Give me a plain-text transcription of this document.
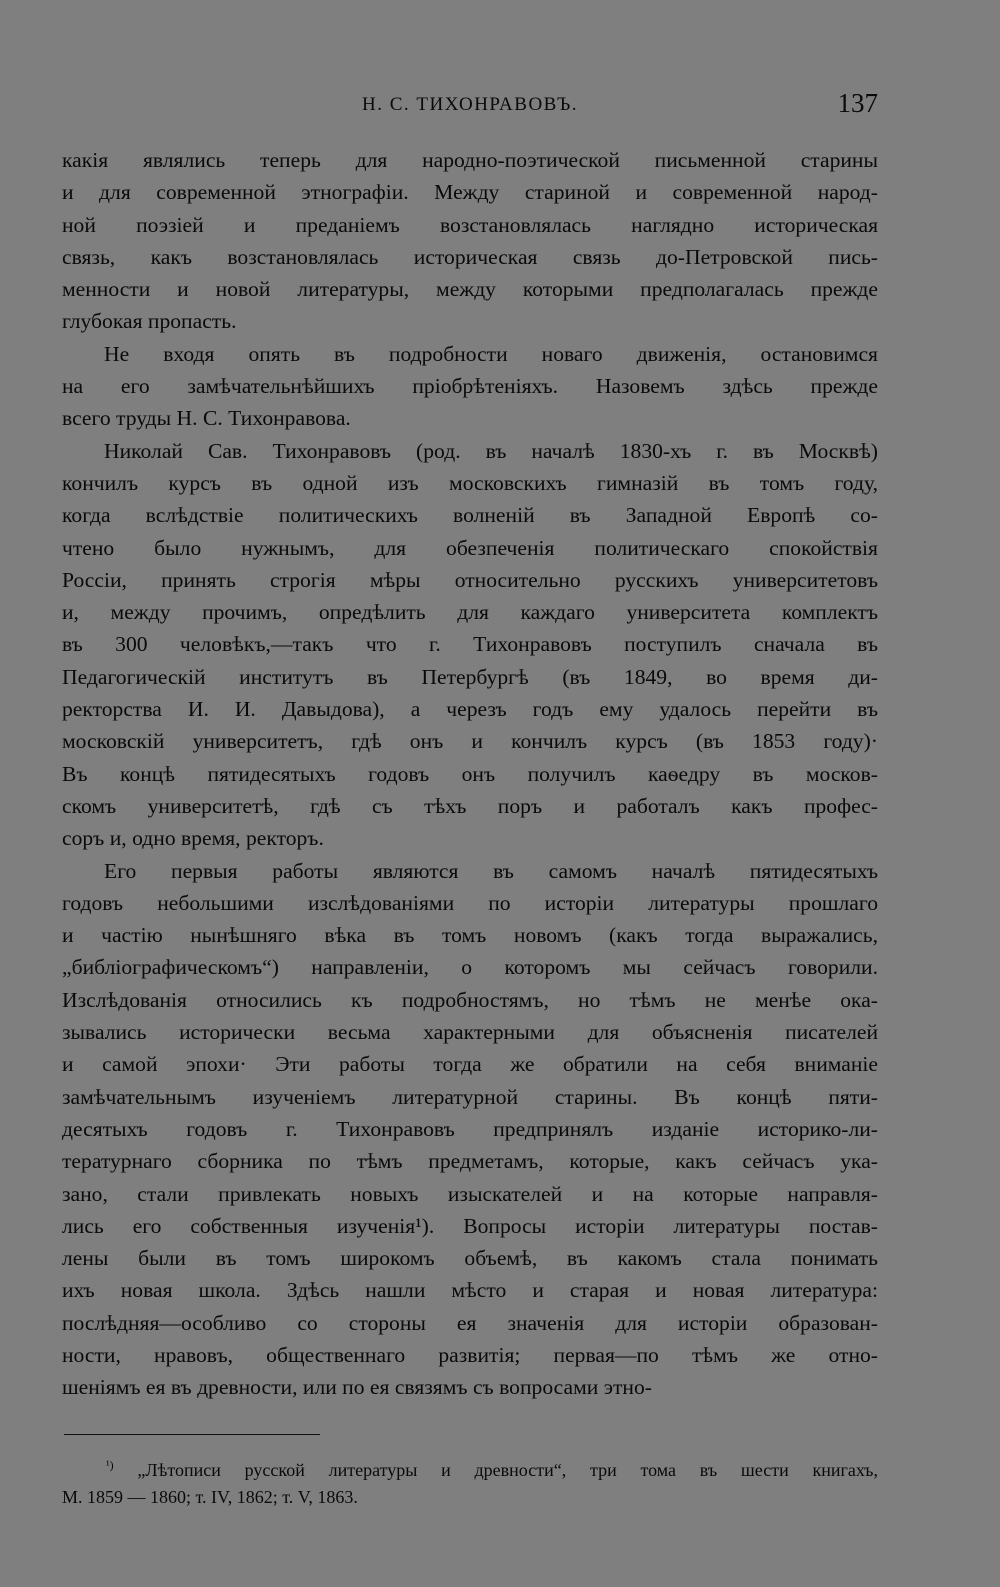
Н. С. ТИХОНРАВОВЪ.	137
какія являлись теперь для народно-поэтической письменной старины
и для современной этнографіи. Между стариной и современной народ-
ной поэзіей и преданіемъ возстановлялась наглядно историческая
связь, какъ возстановлялась историческая связь до-Петровской пись-
менности и новой литературы, между которыми предполагалась прежде
глубокая пропасть.
Не входя опять въ подробности новаго движенія, остановимся
на его замѣчательнѣйшихъ пріобрѣтеніяхъ. Назовемъ здѣсь прежде
всего труды Н. С. Тихонравова.
Николай Сав. Тихонравовъ (род. въ началѣ 1830-хъ г. въ Москвѣ)
кончилъ курсъ въ одной изъ московскихъ гимназій въ томъ году,
когда вслѣдствіе политическихъ волненій въ Западной Европѣ со-
чтено было нужнымъ, для обезпеченія политическаго спокойствія
Россіи, принять строгія мѣры относительно русскихъ университетовъ
и, между прочимъ, опредѣлить для каждаго университета комплектъ
въ 300 человѣкъ,—такъ что г. Тихонравовъ поступилъ сначала въ
Педагогическій институтъ въ Петербургѣ (въ 1849, во время ди-
ректорства И. И. Давыдова), а черезъ годъ ему удалось перейти въ
московскій университетъ, гдѣ онъ и кончилъ курсъ (въ 1853 году)·
Въ концѣ пятидесятыхъ годовъ онъ получилъ каѳедру въ москов-
скомъ университетѣ, гдѣ съ тѣхъ поръ и работалъ какъ профес-
соръ и, одно время, ректоръ.
Его первыя работы являются въ самомъ началѣ пятидесятыхъ
годовъ небольшими изслѣдованіями по исторіи литературы прошлаго
и частію нынѣшняго вѣка въ томъ новомъ (какъ тогда выражались,
„библіографическомъ“) направленіи, о которомъ мы сейчасъ говорили.
Изслѣдованія относились къ подробностямъ, но тѣмъ не менѣе ока-
зывались исторически весьма характерными для объясненія писателей
и самой эпохи· Эти работы тогда же обратили на себя вниманіе
замѣчательнымъ изученіемъ литературной старины. Въ концѣ пяти-
десятыхъ годовъ г. Тихонравовъ предпринялъ изданіе историко-ли-
тературнаго сборника по тѣмъ предметамъ, которые, какъ сейчасъ ука-
зано, стали привлекать новыхъ изыскателей и на которые направля-
лись его собственныя изученія¹). Вопросы исторіи литературы постав-
лены были въ томъ широкомъ объемѣ, въ какомъ стала понимать
ихъ новая школа. Здѣсь нашли мѣсто и старая и новая литература:
послѣдняя—особливо со стороны ея значенія для исторіи образован-
ности, нравовъ, общественнаго развитія; первая—по тѣмъ же отно-
шеніямъ ея въ древности, или по ея связямъ съ вопросами этно-
$^{^1)}$ „Лѣтописи русской литературы и древности“, три тома въ шести книгахъ,
М. 1859 — 1860; т. IV, 1862; т. V, 1863.
